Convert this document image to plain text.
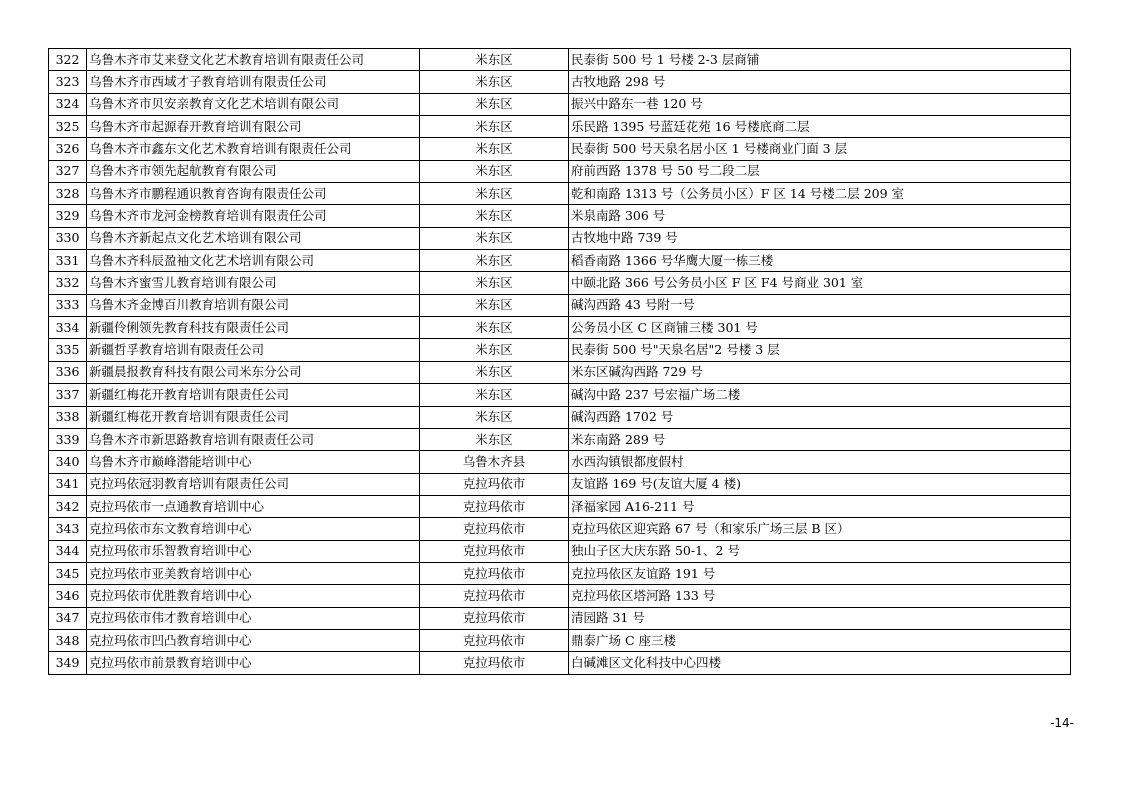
322	乌鲁木齐市艾来登文化艺术教育培训有限责任公司	米东区	民泰街 500 号 1 号楼 2-3 层商铺
323	乌鲁木齐市西域才子教育培训有限责任公司	米东区	古牧地路 298 号
324	乌鲁木齐市贝安亲教育文化艺术培训有限公司	米东区	振兴中路东一巷 120 号
325	乌鲁木齐市起源春开教育培训有限公司	米东区	乐民路 1395 号蓝廷花苑 16 号楼底商二层
326	乌鲁木齐市鑫东文化艺术教育培训有限责任公司	米东区	民泰街 500 号天泉名居小区 1 号楼商业门面 3 层
327	乌鲁木齐市领先起航教育有限公司	米东区	府前西路 1378 号 50 号二段二层
328	乌鲁木齐市鹏程通识教育咨询有限责任公司	米东区	乾和南路 1313 号（公务员小区）F 区 14 号楼二层 209 室
329	乌鲁木齐市龙河金榜教育培训有限责任公司	米东区	米泉南路 306 号
330	乌鲁木齐新起点文化艺术培训有限公司	米东区	古牧地中路 739 号
331	乌鲁木齐科辰盈袖文化艺术培训有限公司	米东区	稻香南路 1366 号华鹰大厦一栋三楼
332	乌鲁木齐蜜雪儿教育培训有限公司	米东区	中颐北路 366 号公务员小区 F 区 F4 号商业 301 室
333	乌鲁木齐金博百川教育培训有限公司	米东区	碱沟西路 43 号附一号
334	新疆伶俐领先教育科技有限责任公司	米东区	公务员小区 C 区商铺三楼 301 号
335	新疆哲孚教育培训有限责任公司	米东区	民泰街 500 号"天泉名居"2 号楼 3 层
336	新疆晨报教育科技有限公司米东分公司	米东区	米东区碱沟西路 729 号
337	新疆红梅花开教育培训有限责任公司	米东区	碱沟中路 237 号宏福广场二楼
338	新疆红梅花开教育培训有限责任公司	米东区	碱沟西路 1702 号
339	乌鲁木齐市新思路教育培训有限责任公司	米东区	米东南路 289 号
340	乌鲁木齐市巅峰潜能培训中心	乌鲁木齐县	水西沟镇银都度假村
341	克拉玛依冠羽教育培训有限责任公司	克拉玛依市	友谊路 169 号(友谊大厦 4 楼)
342	克拉玛依市一点通教育培训中心	克拉玛依市	泽福家园 A16-211 号
343	克拉玛依市东文教育培训中心	克拉玛依市	克拉玛依区迎宾路 67 号（和家乐广场三层 B 区）
344	克拉玛依市乐智教育培训中心	克拉玛依市	独山子区大庆东路 50-1、2 号
345	克拉玛依市亚美教育培训中心	克拉玛依市	克拉玛依区友谊路 191 号
346	克拉玛依市优胜教育培训中心	克拉玛依市	克拉玛依区塔河路 133 号
347	克拉玛依市伟才教育培训中心	克拉玛依市	清园路 31 号
348	克拉玛依市凹凸教育培训中心	克拉玛依市	鼎泰广场 C 座三楼
349	克拉玛依市前景教育培训中心	克拉玛依市	白碱滩区文化科技中心四楼
-14-
